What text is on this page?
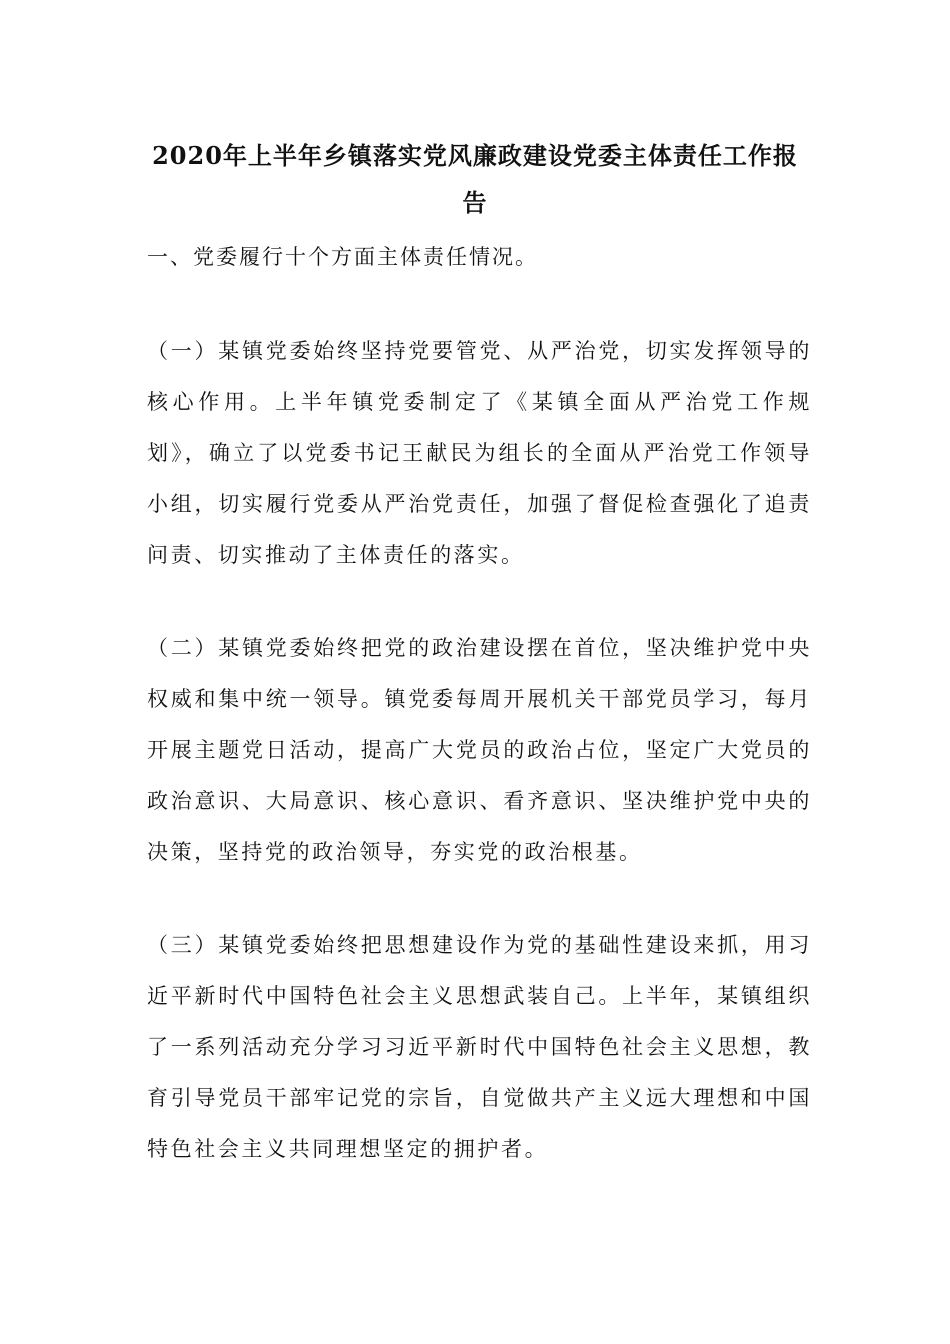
2020年上半年乡镇落实党风廉政建设党委主体责任工作报告

一、党委履行十个方面主体责任情况。

（一）某镇党委始终坚持党要管党、从严治党，切实发挥领导的核心作用。上半年镇党委制定了《某镇全面从严治党工作规划》，确立了以党委书记王献民为组长的全面从严治党工作领导小组，切实履行党委从严治党责任，加强了督促检查强化了追责问责、切实推动了主体责任的落实。

（二）某镇党委始终把党的政治建设摆在首位，坚决维护党中央权威和集中统一领导。镇党委每周开展机关干部党员学习，每月开展主题党日活动，提高广大党员的政治占位，坚定广大党员的政治意识、大局意识、核心意识、看齐意识、坚决维护党中央的决策，坚持党的政治领导，夯实党的政治根基。

（三）某镇党委始终把思想建设作为党的基础性建设来抓，用习近平新时代中国特色社会主义思想武装自己。上半年，某镇组织了一系列活动充分学习习近平新时代中国特色社会主义思想，教育引导党员干部牢记党的宗旨，自觉做共产主义远大理想和中国特色社会主义共同理想坚定的拥护者。
